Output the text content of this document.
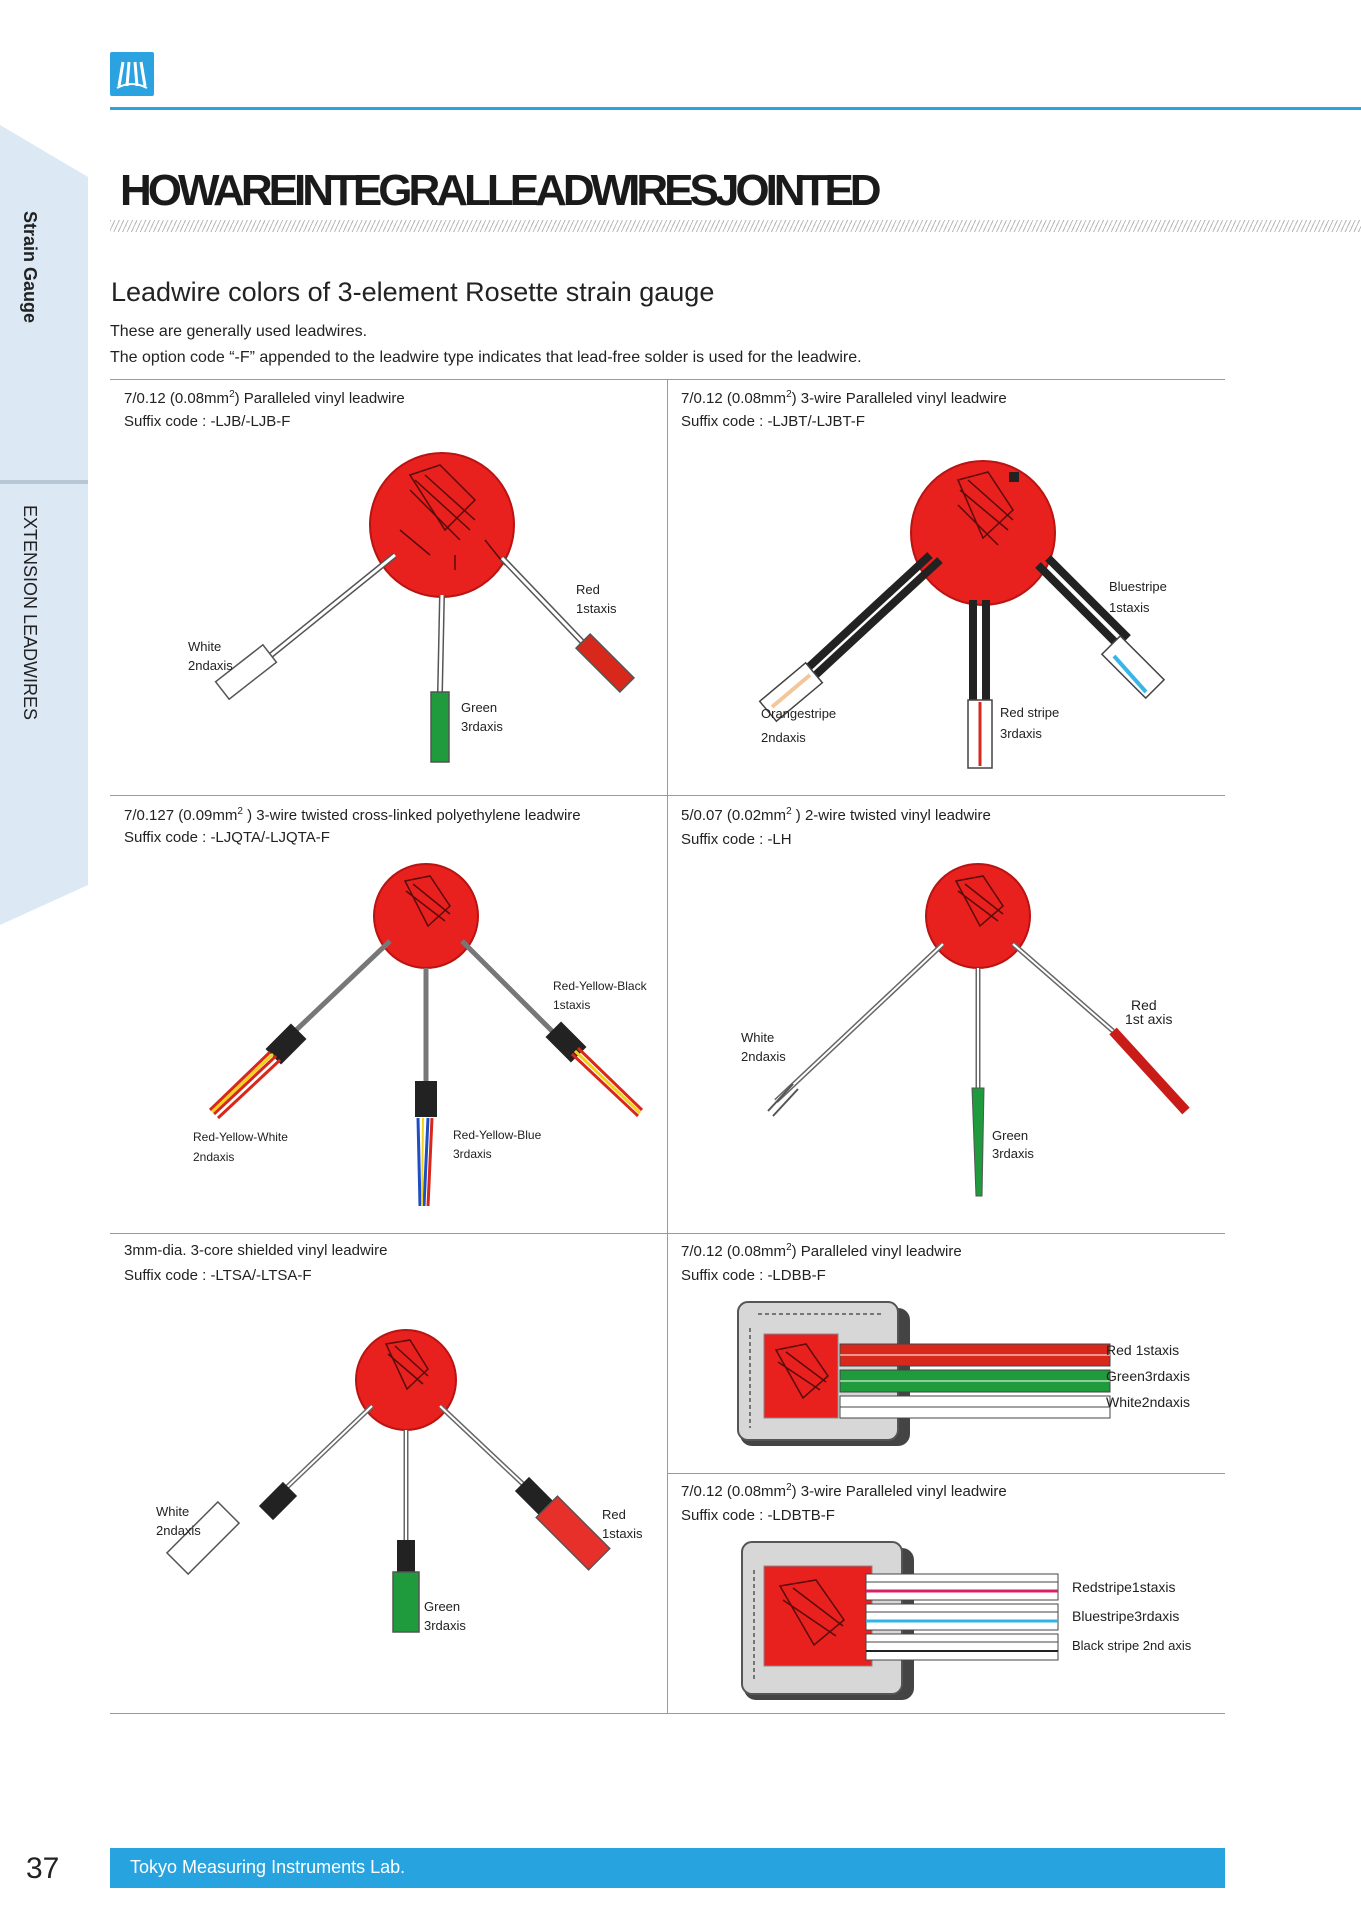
Strain Gauge
EXTENSION LEADWIRES
HOWAREINTEGRALLEADWIRESJOINTED
Leadwire colors of 3-element Rosette strain gauge
These are generally used leadwires.
The option code “-F” appended to the leadwire type indicates that lead-free solder is used for the leadwire.
7/0.12 $(0.08mm^2)$ Paralleled vinyl leadwire
Suffix code : -LJB/-LJB-F
Red
1staxis
White
2ndaxis
Green
3rdaxis
7/0.12 $(0.08mm^2)$ 3-wire Paralleled vinyl leadwire
Suffix code : -LJBT/-LJBT-F
Bluestripe
1staxis
Orangestripe
2ndaxis
Red stripe
3rdaxis
7/0.127 ($0.09mm^2$ ) 3-wire twisted cross-linked polyethylene leadwire
Suffix code : -LJQTA/-LJQTA-F
Red-Yellow-Black
1staxis
Red-Yellow-White
2ndaxis
Red-Yellow-Blue
3rdaxis
5/0.07 ($0.02mm^2$ ) 2-wire twisted vinyl leadwire
Suffix code : -LH
Red
1st axis
White
2ndaxis
Green
3rdaxis
3mm-dia. 3-core shielded vinyl leadwire
Suffix code : -LTSA/-LTSA-F
White
2ndaxis
Red
1staxis
Green
3rdaxis
7/0.12 $(0.08mm^2)$ Paralleled vinyl leadwire
Suffix code : -LDBB-F
Red 1staxis
Green3rdaxis
White2ndaxis
7/0.12 $(0.08mm^2)$ 3-wire Paralleled vinyl leadwire
Suffix code : -LDBTB-F
Redstripe1staxis
Bluestripe3rdaxis
Black stripe 2nd axis
37	Tokyo Measuring Instruments Lab.
